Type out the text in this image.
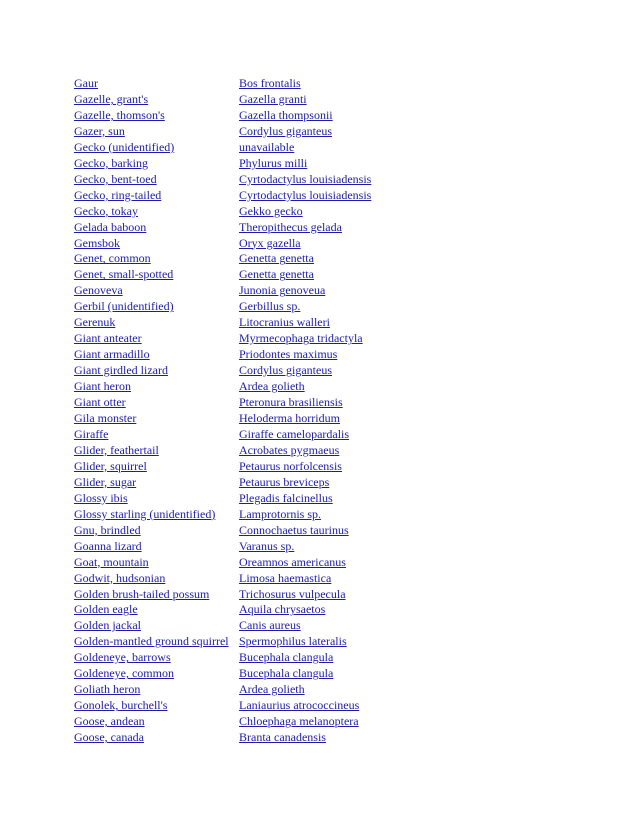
Gaur	Bos frontalis
Gazelle, grant's	Gazella granti
Gazelle, thomson's	Gazella thompsonii
Gazer, sun	Cordylus giganteus
Gecko (unidentified)	unavailable
Gecko, barking	Phylurus milli
Gecko, bent-toed	Cyrtodactylus louisiadensis
Gecko, ring-tailed	Cyrtodactylus louisiadensis
Gecko, tokay	Gekko gecko
Gelada baboon	Theropithecus gelada
Gemsbok	Oryx gazella
Genet, common	Genetta genetta
Genet, small-spotted	Genetta genetta
Genoveva	Junonia genoveua
Gerbil (unidentified)	Gerbillus sp.
Gerenuk	Litocranius walleri
Giant anteater	Myrmecophaga tridactyla
Giant armadillo	Priodontes maximus
Giant girdled lizard	Cordylus giganteus
Giant heron	Ardea golieth
Giant otter	Pteronura brasiliensis
Gila monster	Heloderma horridum
Giraffe	Giraffe camelopardalis
Glider, feathertail	Acrobates pygmaeus
Glider, squirrel	Petaurus norfolcensis
Glider, sugar	Petaurus breviceps
Glossy ibis	Plegadis falcinellus
Glossy starling (unidentified)	Lamprotornis sp.
Gnu, brindled	Connochaetus taurinus
Goanna lizard	Varanus sp.
Goat, mountain	Oreamnos americanus
Godwit, hudsonian	Limosa haemastica
Golden brush-tailed possum	Trichosurus vulpecula
Golden eagle	Aquila chrysaetos
Golden jackal	Canis aureus
Golden-mantled ground squirrel	Spermophilus lateralis
Goldeneye, barrows	Bucephala clangula
Goldeneye, common	Bucephala clangula
Goliath heron	Ardea golieth
Gonolek, burchell's	Laniaurius atrococcineus
Goose, andean	Chloephaga melanoptera
Goose, canada	Branta canadensis
